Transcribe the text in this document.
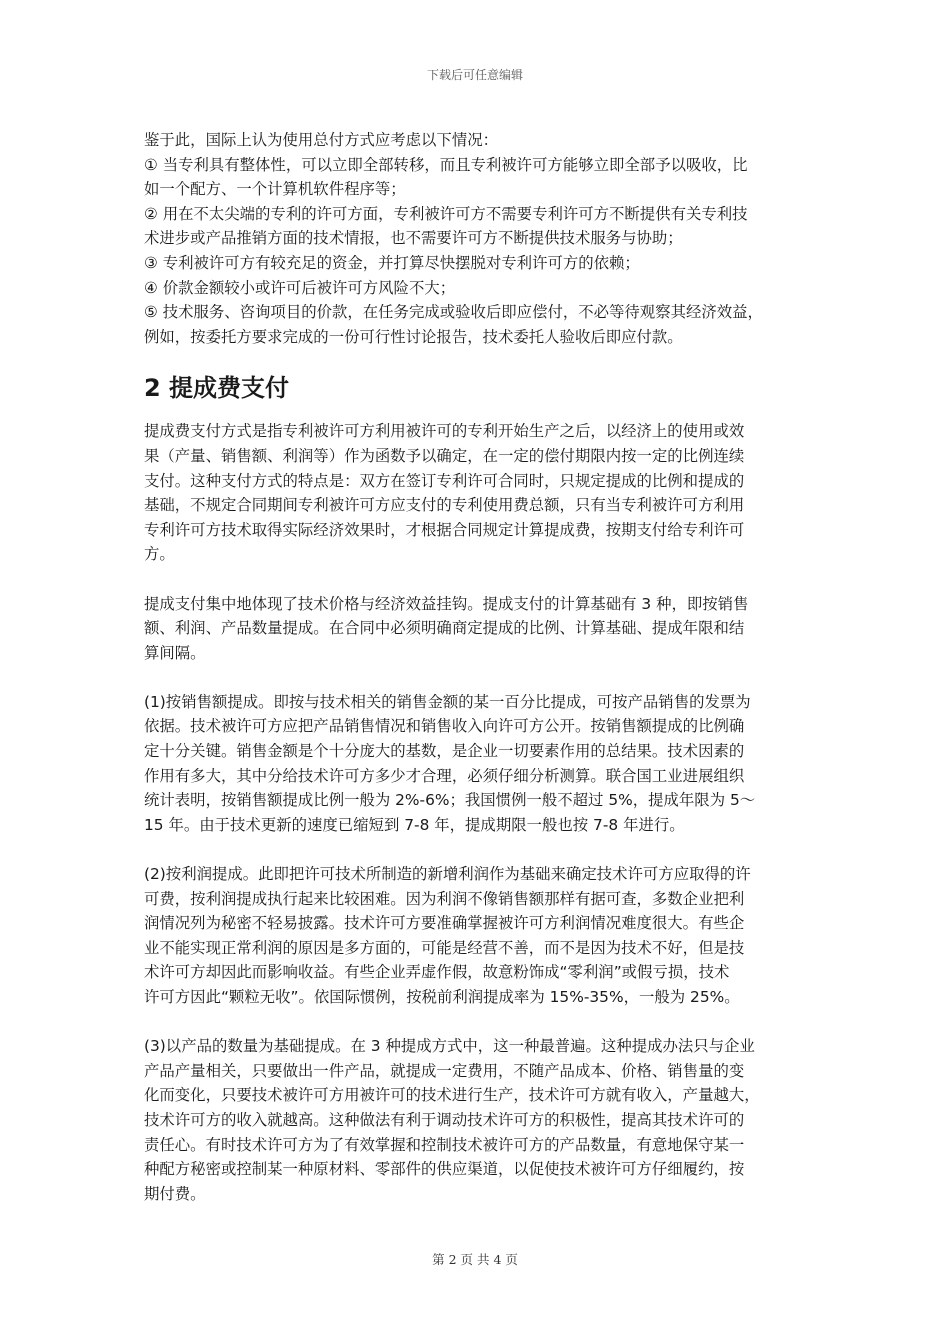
下载后可任意编辑
鉴于此，国际上认为使用总付方式应考虑以下情况：
① 当专利具有整体性，可以立即全部转移，而且专利被许可方能够立即全部予以吸收，比
如一个配方、一个计算机软件程序等；
② 用在不太尖端的专利的许可方面，专利被许可方不需要专利许可方不断提供有关专利技
术进步或产品推销方面的技术情报，也不需要许可方不断提供技术服务与协助；
③ 专利被许可方有较充足的资金，并打算尽快摆脱对专利许可方的依赖；
④ 价款金额较小或许可后被许可方风险不大；
⑤ 技术服务、咨询项目的价款，在任务完成或验收后即应偿付，不必等待观察其经济效益，
例如，按委托方要求完成的一份可行性讨论报告，技术委托人验收后即应付款。
2 提成费支付
提成费支付方式是指专利被许可方利用被许可的专利开始生产之后，以经济上的使用或效
果（产量、销售额、利润等）作为函数予以确定，在一定的偿付期限内按一定的比例连续
支付。这种支付方式的特点是：双方在签订专利许可合同时，只规定提成的比例和提成的
基础，不规定合同期间专利被许可方应支付的专利使用费总额，只有当专利被许可方利用
专利许可方技术取得实际经济效果时，才根据合同规定计算提成费，按期支付给专利许可
方。
提成支付集中地体现了技术价格与经济效益挂钩。提成支付的计算基础有 3 种，即按销售
额、利润、产品数量提成。在合同中必须明确商定提成的比例、计算基础、提成年限和结
算间隔。
(1)按销售额提成。即按与技术相关的销售金额的某一百分比提成，可按产品销售的发票为
依据。技术被许可方应把产品销售情况和销售收入向许可方公开。按销售额提成的比例确
定十分关键。销售金额是个十分庞大的基数，是企业一切要素作用的总结果。技术因素的
作用有多大，其中分给技术许可方多少才合理，必须仔细分析测算。联合国工业进展组织
统计表明，按销售额提成比例一般为 2%-6%；我国惯例一般不超过 5%，提成年限为 5～
15 年。由于技术更新的速度已缩短到 7-8 年，提成期限一般也按 7-8 年进行。
(2)按利润提成。此即把许可技术所制造的新增利润作为基础来确定技术许可方应取得的许
可费，按利润提成执行起来比较困难。因为利润不像销售额那样有据可查，多数企业把利
润情况列为秘密不轻易披露。技术许可方要准确掌握被许可方利润情况难度很大。有些企
业不能实现正常利润的原因是多方面的，可能是经营不善，而不是因为技术不好，但是技
术许可方却因此而影响收益。有些企业弄虚作假，故意粉饰成“零利润”或假亏损，技术
许可方因此“颗粒无收”。依国际惯例，按税前利润提成率为 15%-35%，一般为 25%。
(3)以产品的数量为基础提成。在 3 种提成方式中，这一种最普遍。这种提成办法只与企业
产品产量相关，只要做出一件产品，就提成一定费用，不随产品成本、价格、销售量的变
化而变化，只要技术被许可方用被许可的技术进行生产，技术许可方就有收入，产量越大，
技术许可方的收入就越高。这种做法有利于调动技术许可方的积极性，提高其技术许可的
责任心。有时技术许可方为了有效掌握和控制技术被许可方的产品数量，有意地保守某一
种配方秘密或控制某一种原材料、零部件的供应渠道，以促使技术被许可方仔细履约，按
期付费。
第 2 页 共 4 页
